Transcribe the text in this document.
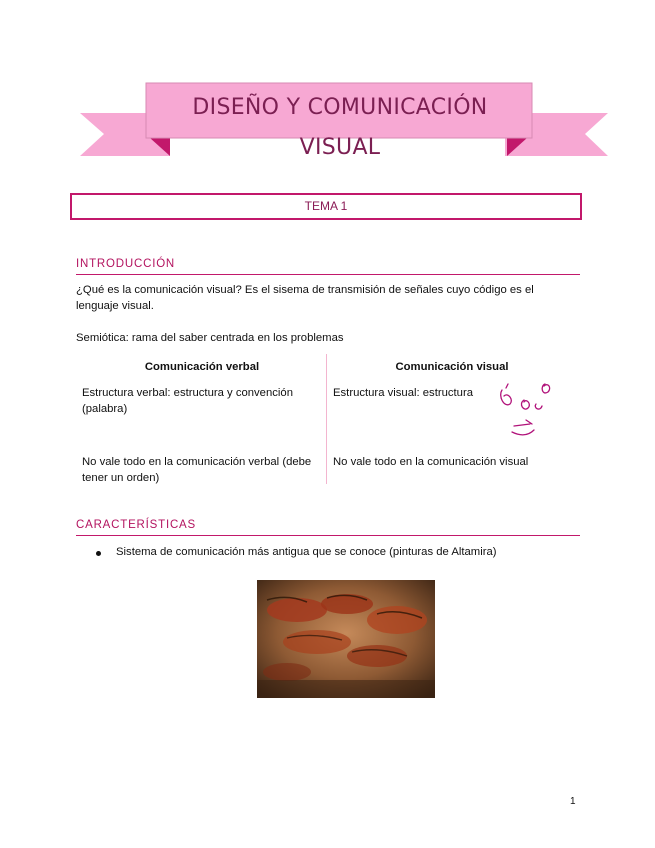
DISEÑO Y COMUNICACIÓN VISUAL
TEMA 1
INTRODUCCIÓN
¿Qué es la comunicación visual? Es el sisema de transmisión de señales cuyo código es el lenguaje visual.
Semiótica: rama del saber centrada en los problemas
Comunicación verbal	Comunicación visual
Estructura verbal: estructura y convención (palabra)
Estructura visual: estructura
No vale todo en la comunicación verbal (debe tener un orden)
No vale todo en la comunicación visual
CARACTERÍSTICAS
Sistema de comunicación más antigua que se conoce (pinturas de Altamira)
1
